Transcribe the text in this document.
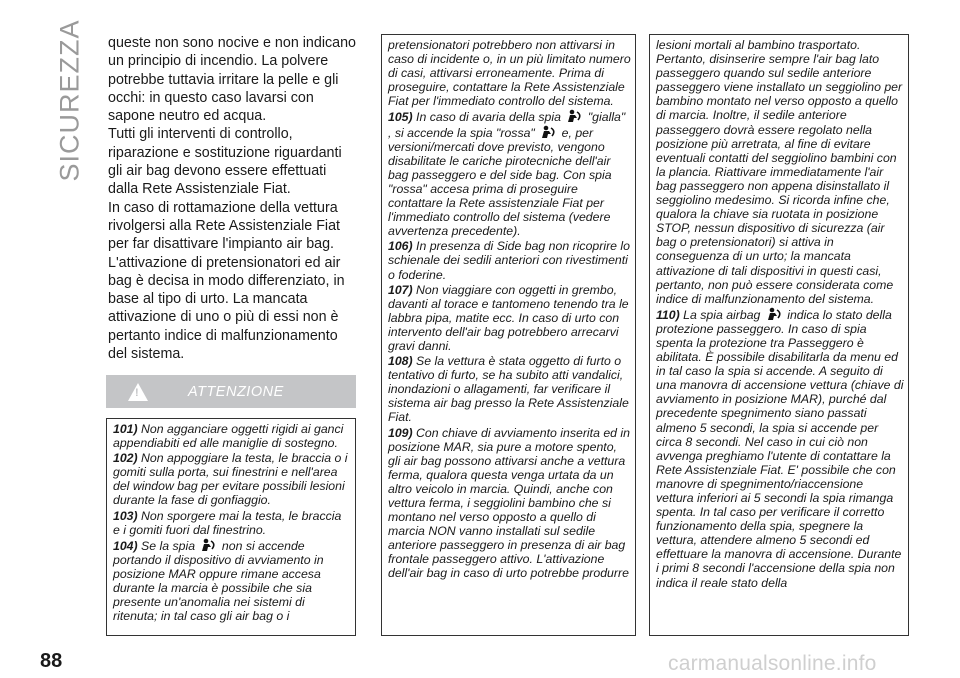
SICUREZZA queste non sono nocive e non indicano un principio di incendio. La polvere potrebbe tuttavia irritare la pelle e gli occhi: in questo caso lavarsi con sapone neutro ed acqua.

Tutti gli interventi di controllo, riparazione e sostituzione riguardanti gli air bag devono essere effettuati dalla Rete Assistenziale Fiat.

In caso di rottamazione della vettura rivolgersi alla Rete Assistenziale Fiat per far disattivare l'impianto air bag. L'attivazione di pretensionatori ed air bag è decisa in modo differenziato, in base al tipo di urto. La mancata attivazione di uno o più di essi non è pertanto indice di malfunzionamento del sistema.

!
ATTENZIONE

101) Non agganciare oggetti rigidi ai ganci appendiabiti ed alle maniglie di sostegno.

102) Non appoggiare la testa, le braccia o i gomiti sulla porta, sui finestrini e nell'area del window bag per evitare possibili lesioni durante la fase di gonfiaggio.

103) Non sporgere mai la testa, le braccia e i gomiti fuori dal finestrino.

104) Se la spia non si accende portando il dispositivo di avviamento in posizione MAR oppure rimane accesa durante la marcia è possibile che sia presente un'anomalia nei sistemi di ritenuta; in tal caso gli air bag o i

pretensionatori potrebbero non attivarsi in caso di incidente o, in un più limitato numero di casi, attivarsi erroneamente. Prima di proseguire, contattare la Rete Assistenziale Fiat per l'immediato controllo del sistema.

105) In caso di avaria della spia "gialla" , si accende la spia "rossa" e, per versioni/mercati dove previsto, vengono disabilitate le cariche pirotecniche dell'air bag passeggero e del side bag. Con spia "rossa" accesa prima di proseguire contattare la Rete assistenziale Fiat per l'immediato controllo del sistema (vedere avvertenza precedente).

106) In presenza di Side bag non ricoprire lo schienale dei sedili anteriori con rivestimenti o foderine.

107) Non viaggiare con oggetti in grembo, davanti al torace e tantomeno tenendo tra le labbra pipa, matite ecc. In caso di urto con intervento dell'air bag potrebbero arrecarvi gravi danni.

108) Se la vettura è stata oggetto di furto o tentativo di furto, se ha subito atti vandalici, inondazioni o allagamenti, far verificare il sistema air bag presso la Rete Assistenziale Fiat.

109) Con chiave di avviamento inserita ed in posizione MAR, sia pure a motore spento, gli air bag possono attivarsi anche a vettura ferma, qualora questa venga urtata da un altro veicolo in marcia. Quindi, anche con vettura ferma, i seggiolini bambino che si montano nel verso opposto a quello di marcia NON vanno installati sul sedile anteriore passeggero in presenza di air bag frontale passeggero attivo. L'attivazione dell'air bag in caso di urto potrebbe produrre

lesioni mortali al bambino trasportato. Pertanto, disinserire sempre l'air bag lato passeggero quando sul sedile anteriore passeggero viene installato un seggiolino per bambino montato nel verso opposto a quello di marcia. Inoltre, il sedile anteriore passeggero dovrà essere regolato nella posizione più arretrata, al fine di evitare eventuali contatti del seggiolino bambini con la plancia. Riattivare immediatamente l'air bag passeggero non appena disinstallato il seggiolino medesimo. Si ricorda infine che, qualora la chiave sia ruotata in posizione STOP, nessun dispositivo di sicurezza (air bag o pretensionatori) si attiva in conseguenza di un urto; la mancata attivazione di tali dispositivi in questi casi, pertanto, non può essere considerata come indice di malfunzionamento del sistema.

110) La spia airbag indica lo stato della protezione passeggero. In caso di spia spenta la protezione tra Passeggero è abilitata. È possibile disabilitarla da menu ed in tal caso la spia si accende. A seguito di una manovra di accensione vettura (chiave di avviamento in posizione MAR), purché dal precedente spegnimento siano passati almeno 5 secondi, la spia si accende per circa 8 secondi. Nel caso in cui ciò non avvenga preghiamo l'utente di contattare la Rete Assistenziale Fiat. E' possibile che con manovre di spegnimento/riaccensione vettura inferiori ai 5 secondi la spia rimanga spenta. In tal caso per verificare il corretto funzionamento della spia, spegnere la vettura, attendere almeno 5 secondi ed effettuare la manovra di accensione. Durante i primi 8 secondi l'accensione della spia non indica il reale stato della

88	carmanualsonline.info
